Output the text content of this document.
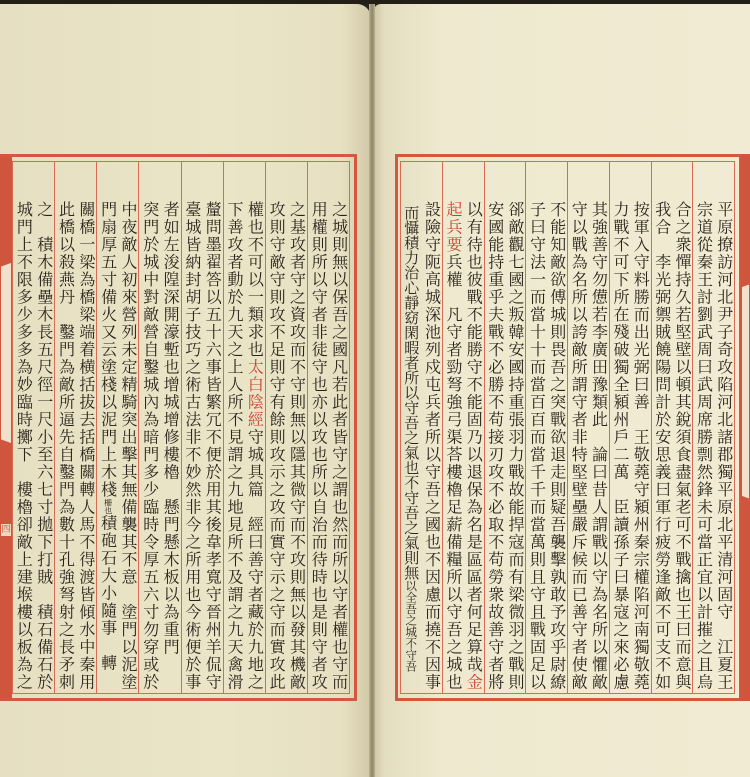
四	之城則無以保吾之國凡若此者皆守之謂也然而所以守者權也守而
用權則所以守者非徒守也亦以攻也所以自治而待時也是則守者攻
之基攻者守之資攻而不守則無以隱其微守而不攻則無以發其機敵
攻則守敵守則攻不足則守有餘則攻示之攻而實守示之守而實攻此
權也不可以一類求也太白陰經守城具篇　經曰善守者藏於九地之
下善攻者動於九天之上人所不見謂之九地見所不及謂之九天禽滑
釐問墨翟答以五十六事皆繁冗不便於用其後韋孝寬守晉州羊侃守
臺城皆納封胡子技巧之術古法非不妙然非今之所用也今術便於事
者如左浚隍深開濠塹也增城增修樓櫓　懸門懸木板以為重門
突門於城中對敵營自鑿城內為暗門多少臨時令厚五六寸勿穿或於
中夜敵人初來營列未定精騎突出擊其無備襲其不意　塗門以泥塗
門扇厚五寸備火又云塗棧以泥門上木棧柵也積砲石大小隨事　轉
關橋一梁為橋梁端着横括拔去括橋關轉人馬不得渡皆傾水中秦用
此橋以殺燕丹　鑿門為敵所逼先自鑿門為數十孔強弩射之長矛刺
之　積木備壘木長五尺徑一尺小至六七寸拋下打賊　積石備石於
城門上不限多少多多為妙臨時擲下　樓櫓卻敵上建堠樓以板為之	平原撩訪河北尹子奇攻陷河北諸郡獨平原北平清河固守　江夏王
宗道從秦王討劉武周曰武周席勝剽然鋒未可當正宜以計摧之且烏
合之衆憚持久若堅壁以頓其銳須食盡氣老可不戰擒也王曰而意與
我合　李光弼禦賊饒陽問計於安思義曰軍行疲勞逢敵不可支不如
按軍入守料勝而出光弼曰善　王敬蕘守潁州秦宗權陷河南獨敬蕘
力戰不可下所在殘破獨全潁州戶二萬　臣讀孫子曰暴寇之來必慮
其強善守勿憊若李廣田豫類此　論曰昔人謂戰以守為名所以懼敵
守以戰為名所以誇敵所謂守者非特堅壁壘嚴斥候而已善守者使敵
不能知敵欲傅城則畏吾之突戰欲退走則疑吾襲擊孰敢予攻乎尉繚
子曰守法一而當十十而當百百而當千千而當萬則且守且戰固足以
郤敵觀七國之叛韓安國持重張羽力戰故能捍寇而有梁微羽之戰則
安國能持重乎夫戰不必勝不苟接刃攻不必取不苟勞衆故善守者將
以有待也彼戰不能勝守不能固乃以退保為名是區區者何足算哉金
起兵要兵權　凡守者勁弩強弓渠荅樓櫓足薪備糧所以守吾之城也
設險守阨高城深池列戍屯兵者所以守吾之國也不因慮而撓不因事
而懾積力治心靜窈閑暇者所以守吾之氣也不守吾之氣則無以全吾之城不守吾
